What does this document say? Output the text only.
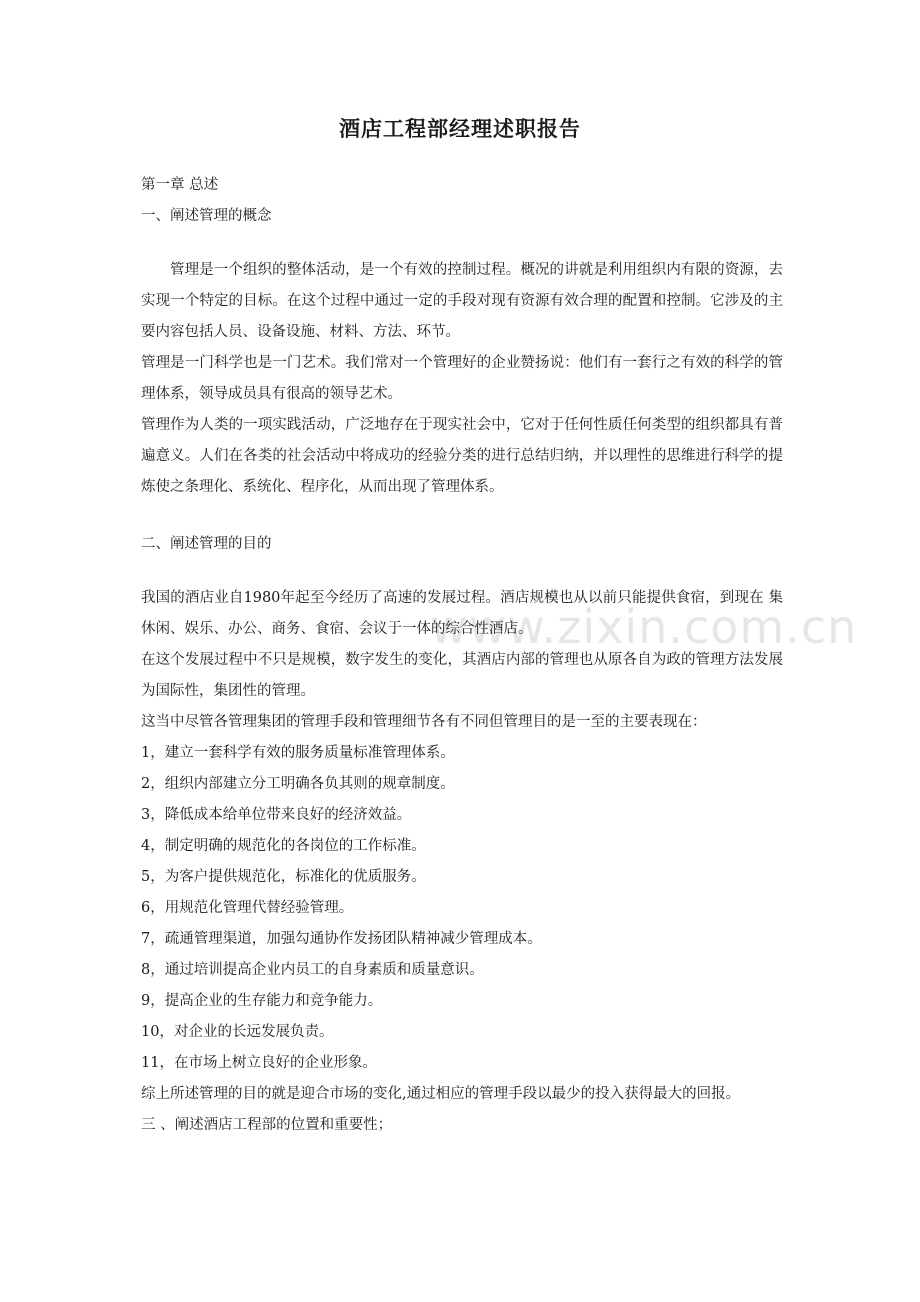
www.zixin.com.cn
酒店工程部经理述职报告

第一章 总述

一、阐述管理的概念

管理是一个组织的整体活动，是一个有效的控制过程。概况的讲就是利用组织内有限的资源，去实现一个特定的目标。在这个过程中通过一定的手段对现有资源有效合理的配置和控制。它涉及的主要内容包括人员、设备设施、材料、方法、环节。

管理是一门科学也是一门艺术。我们常对一个管理好的企业赞扬说：他们有一套行之有效的科学的管理体系，领导成员具有很高的领导艺术。

管理作为人类的一项实践活动，广泛地存在于现实社会中，它对于任何性质任何类型的组织都具有普遍意义。人们在各类的社会活动中将成功的经验分类的进行总结归纳，并以理性的思维进行科学的提炼使之条理化、系统化、程序化，从而出现了管理体系。

二、阐述管理的目的

我国的酒店业自1980年起至今经历了高速的发展过程。酒店规模也从以前只能提供食宿，到现在 集休闲、娱乐、办公、商务、食宿、会议于一体的综合性酒店。

在这个发展过程中不只是规模，数字发生的变化，其酒店内部的管理也从原各自为政的管理方法发展为国际性，集团性的管理。

这当中尽管各管理集团的管理手段和管理细节各有不同但管理目的是一至的主要表现在：

1，建立一套科学有效的服务质量标准管理体系。

2，组织内部建立分工明确各负其则的规章制度。

3，降低成本给单位带来良好的经济效益。

4，制定明确的规范化的各岗位的工作标准。

5，为客户提供规范化，标准化的优质服务。

6，用规范化管理代替经验管理。

7，疏通管理渠道，加强勾通协作发扬团队精神减少管理成本。

8，通过培训提高企业内员工的自身素质和质量意识。

9，提高企业的生存能力和竞争能力。

10，对企业的长远发展负责。

11，在市场上树立良好的企业形象。

综上所述管理的目的就是迎合市场的变化,通过相应的管理手段以最少的投入获得最大的回报。

三 、阐述酒店工程部的位置和重要性；
